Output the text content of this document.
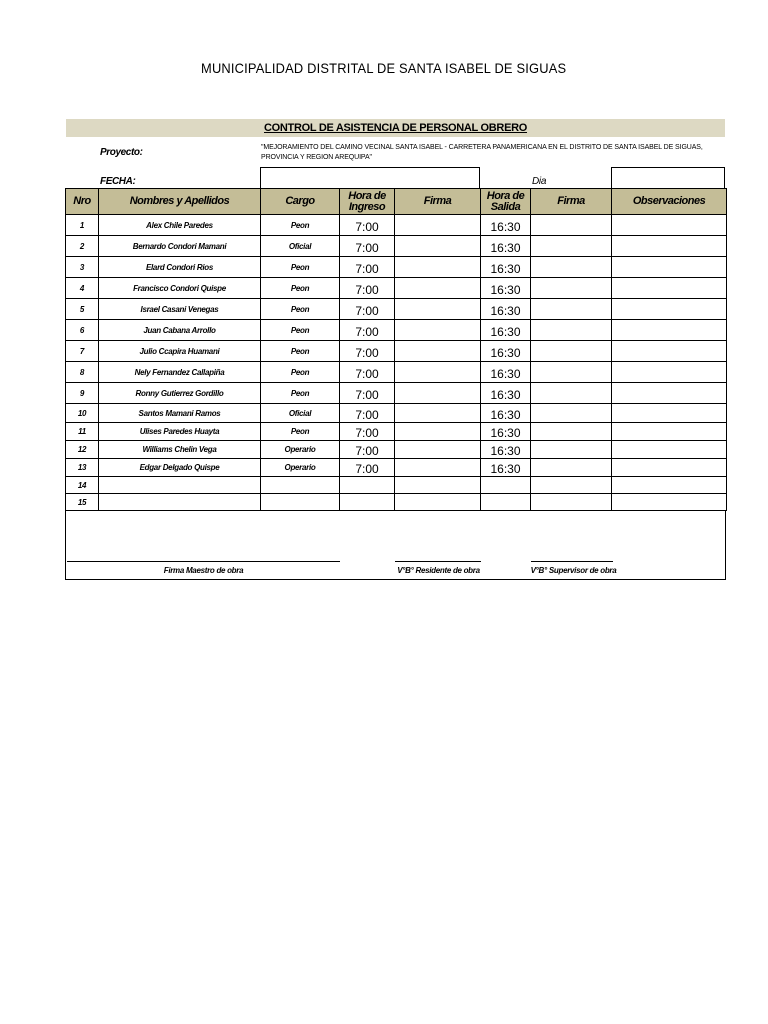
MUNICIPALIDAD DISTRITAL DE SANTA ISABEL DE SIGUAS
CONTROL DE ASISTENCIA DE PERSONAL OBRERO
Proyecto:	"MEJORAMIENTO DEL CAMINO VECINAL SANTA ISABEL - CARRETERA PANAMERICANA EN EL DISTRITO DE SANTA ISABEL DE SIGUAS, PROVINCIA Y REGION AREQUIPA"
FECHA:	Dia
Nro	Nombres y Apellidos	Cargo	Hora de Ingreso	Firma	Hora de Salida	Firma	Observaciones
1	Alex Chile Paredes	Peon	7:00		16:30		
2	Bernardo Condori Mamani	Oficial	7:00		16:30		
3	Elard Condori Rios	Peon	7:00		16:30		
4	Francisco Condori Quispe	Peon	7:00		16:30		
5	Israel Casani Venegas	Peon	7:00		16:30		
6	Juan Cabana Arrollo	Peon	7:00		16:30		
7	Julio Ccapira Huamani	Peon	7:00		16:30		
8	Nely Fernandez Callapiña	Peon	7:00		16:30		
9	Ronny Gutierrez Gordillo	Peon	7:00		16:30		
10	Santos Mamani Ramos	Oficial	7:00		16:30		
11	Ulises Paredes Huayta	Peon	7:00		16:30		
12	Williams Chelin Vega	Operario	7:00		16:30		
13	Edgar Delgado Quispe	Operario	7:00		16:30		
14							
15							
Firma Maestro de obra	V°B° Residente de obra	V°B° Supervisor de obra
